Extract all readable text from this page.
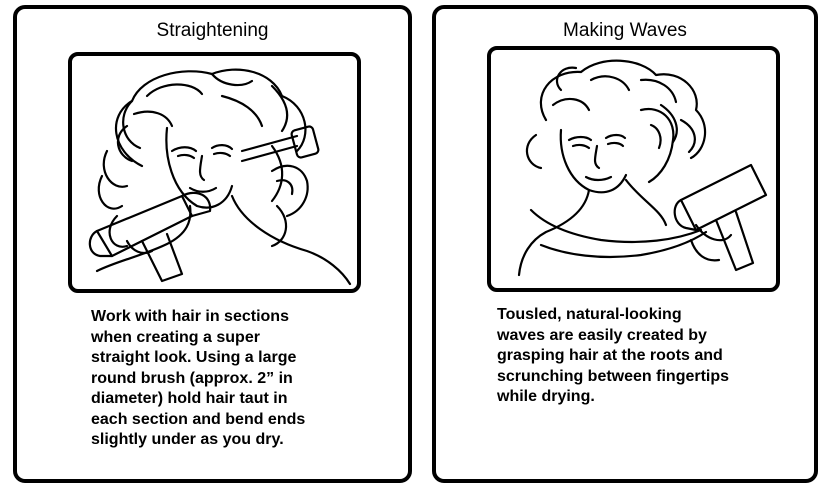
Straightening
Work with hair in sections
when creating a super
straight look. Using a large
round brush (approx. 2” in
diameter) hold hair taut in
each section and bend ends
slightly under as you dry.
Making Waves
Tousled, natural-looking
waves are easily created by
grasping hair at the roots and
scrunching between fingertips
while drying.
